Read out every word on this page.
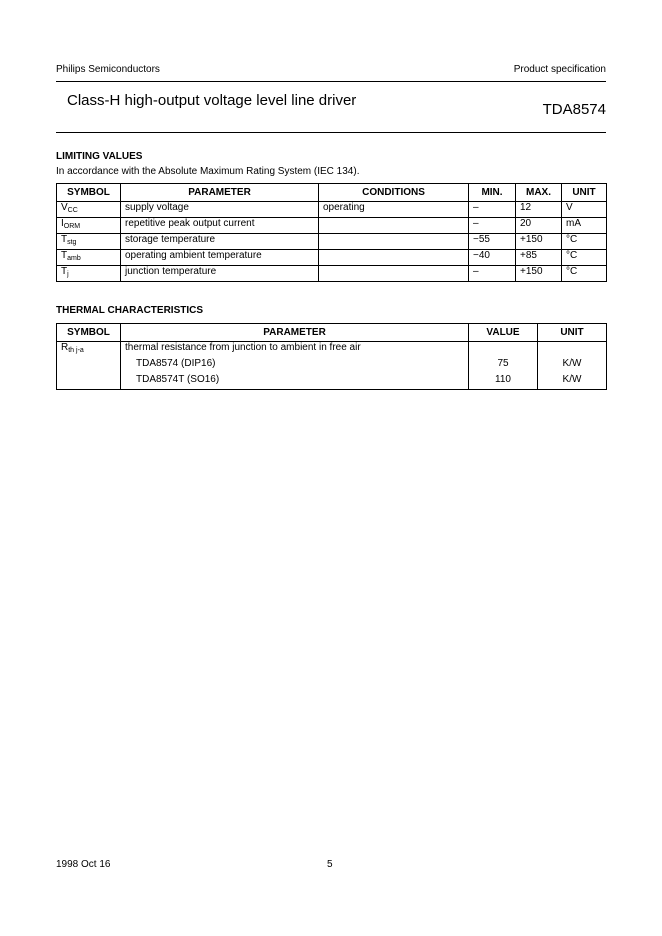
Philips Semiconductors	Product specification
Class-H high-output voltage level line driver
TDA8574
LIMITING VALUES
In accordance with the Absolute Maximum Rating System (IEC 134).
SYMBOL	PARAMETER	CONDITIONS	MIN.	MAX.	UNIT
$V_{CC}$	supply voltage	operating	–	12	V
$I_{ORM}$	repetitive peak output current		–	20	mA
$T_{stg}$	storage temperature		−55	+150	°C
$T_{amb}$	operating ambient temperature		−40	+85	°C
$T_j$	junction temperature		–	+150	°C
THERMAL CHARACTERISTICS
SYMBOL	PARAMETER	VALUE	UNIT
$R_{th j-a}$	thermal resistance from junction to ambient in free air		
	TDA8574 (DIP16)	75	K/W
	TDA8574T (SO16)	110	K/W
1998 Oct 16	5
